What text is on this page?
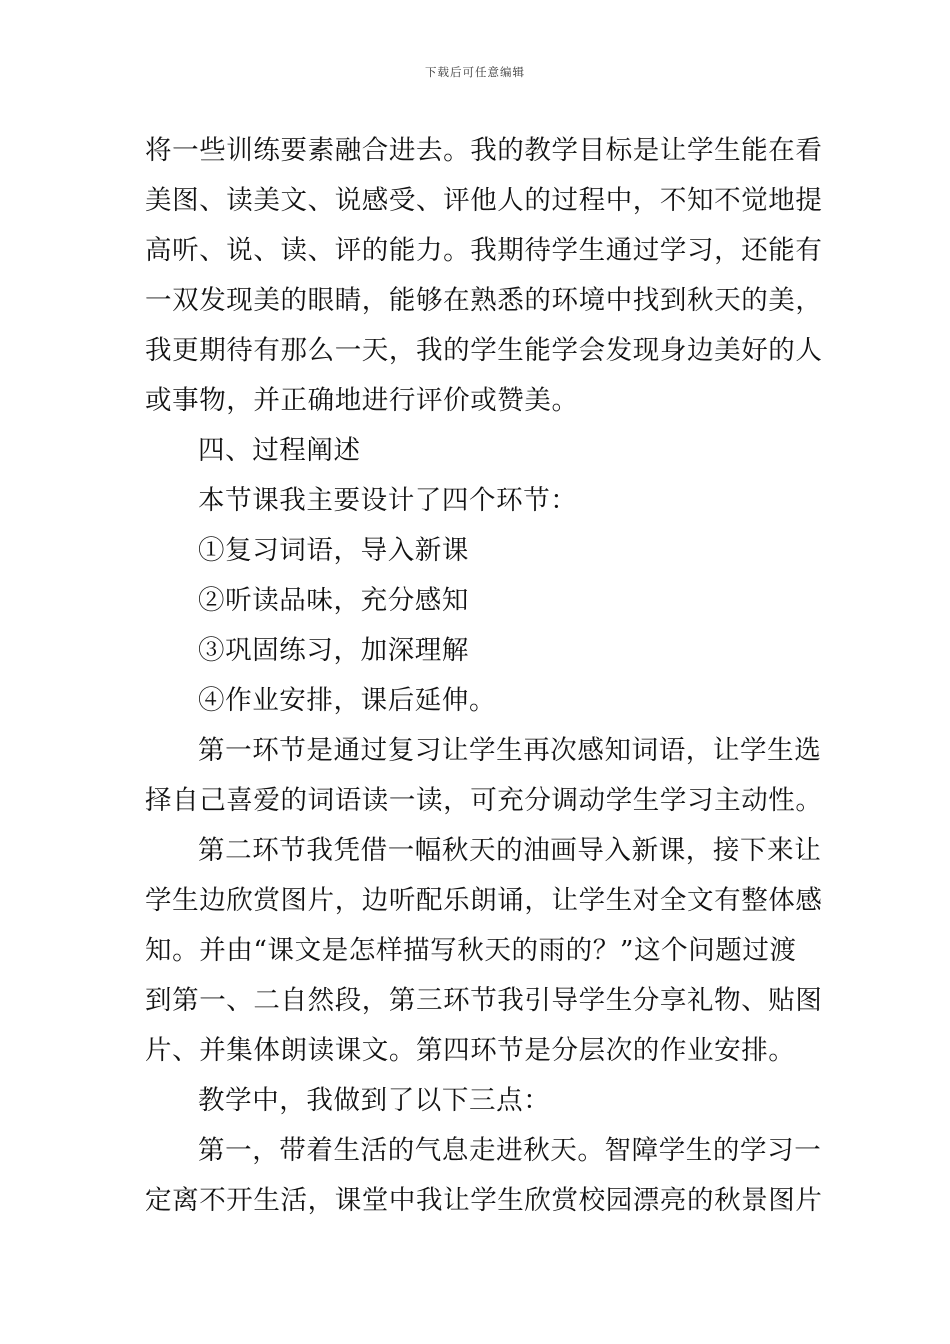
下载后可任意编辑
将一些训练要素融合进去。我的教学目标是让学生能在看
美图、读美文、说感受、评他人的过程中，不知不觉地提
高听、说、读、评的能力。我期待学生通过学习，还能有
一双发现美的眼睛，能够在熟悉的环境中找到秋天的美，
我更期待有那么一天，我的学生能学会发现身边美好的人
或事物，并正确地进行评价或赞美。
四、过程阐述
本节课我主要设计了四个环节：
①复习词语，导入新课
②听读品味，充分感知
③巩固练习，加深理解
④作业安排，课后延伸。
第一环节是通过复习让学生再次感知词语，让学生选
择自己喜爱的词语读一读，可充分调动学生学习主动性。
第二环节我凭借一幅秋天的油画导入新课，接下来让
学生边欣赏图片，边听配乐朗诵，让学生对全文有整体感
知。并由“课文是怎样描写秋天的雨的？”这个问题过渡
到第一、二自然段，第三环节我引导学生分享礼物、贴图
片、并集体朗读课文。第四环节是分层次的作业安排。
教学中，我做到了以下三点：
第一，带着生活的气息走进秋天。智障学生的学习一
定离不开生活，课堂中我让学生欣赏校园漂亮的秋景图片
